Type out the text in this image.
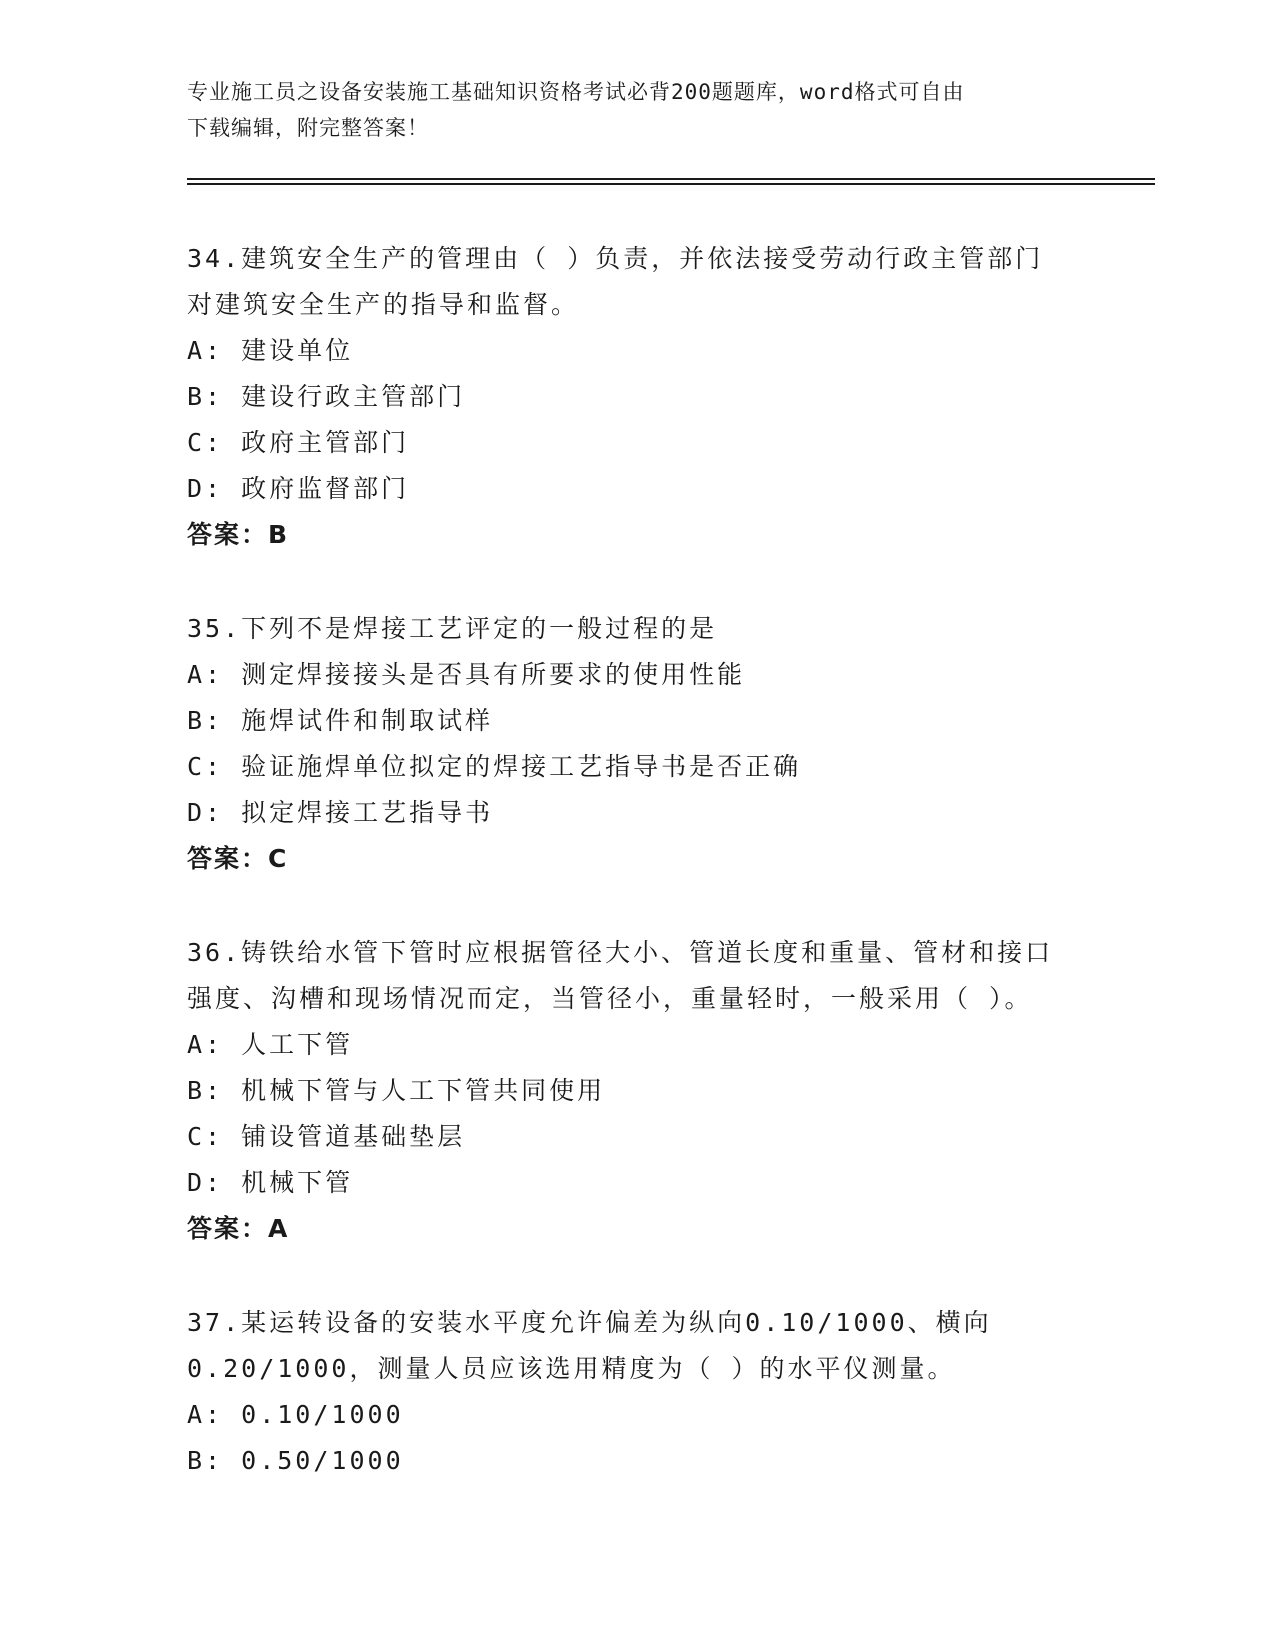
专业施工员之设备安装施工基础知识资格考试必背200题题库，word格式可自由
下载编辑，附完整答案！
34.建筑安全生产的管理由（ ）负责，并依法接受劳动行政主管部门
对建筑安全生产的指导和监督。
A: 建设单位
B: 建设行政主管部门
C: 政府主管部门
D: 政府监督部门
答案：B
35.下列不是焊接工艺评定的一般过程的是
A: 测定焊接接头是否具有所要求的使用性能
B: 施焊试件和制取试样
C: 验证施焊单位拟定的焊接工艺指导书是否正确
D: 拟定焊接工艺指导书
答案：C
36.铸铁给水管下管时应根据管径大小、管道长度和重量、管材和接口
强度、沟槽和现场情况而定，当管径小，重量轻时，一般采用（ ）。
A: 人工下管
B: 机械下管与人工下管共同使用
C: 铺设管道基础垫层
D: 机械下管
答案：A
37.某运转设备的安装水平度允许偏差为纵向0.10/1000、横向
0.20/1000，测量人员应该选用精度为（ ）的水平仪测量。
A: 0.10/1000
B: 0.50/1000
